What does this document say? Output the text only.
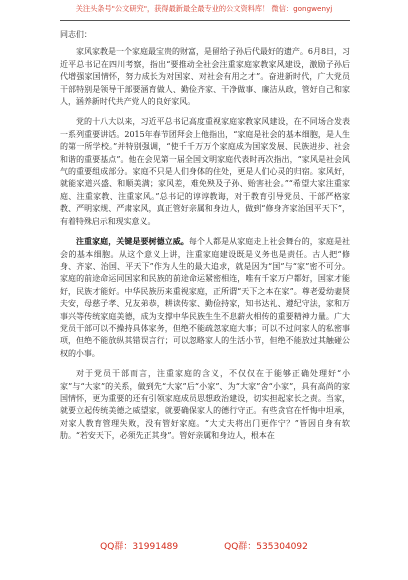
关注头条号"公文研究"，获得最新最全最专业的公文资料库！ 微信：gongwenyj

同志们：

家风家教是一个家庭最宝贵的财富，是留给子孙后代最好的遗产。6月8日，习近平总书记在四川考察，指出“要推动全社会注重家庭家教家风建设，激励子孙后代增强家国情怀，努力成长为对国家、对社会有用之才”。奋进新时代，广大党员干部特别是领导干部要涵育做人、勤俭齐家、干净做事、廉洁从政，管好自己和家人，涵养新时代共产党人的良好家风。

党的十八大以来，习近平总书记高度重视家庭家教家风建设，在不同场合发表一系列重要讲话。2015年春节团拜会上他指出，“家庭是社会的基本细胞，是人生的第一所学校。”并特别强调，“使千千万万个家庭成为国家发展、民族进步、社会和谐的重要基点”。他在会见第一届全国文明家庭代表时再次指出，“家风是社会风气的重要组成部分。家庭不只是人们身体的住处，更是人们心灵的归宿。家风好，就能家道兴盛、和顺美满；家风差，难免殃及子孙、贻害社会。”“希望大家注重家庭、注重家教、注重家风。”总书记的谆谆教诲，对于教育引导党员、干部严格家教、严明家规、严肃家风，真正管好亲属和身边人，做到“修身齐家治国平天下”，有着特殊启示和现实意义。

注重家庭，关键是要树德立威。每个人都是从家庭走上社会舞台的，家庭是社会的基本细胞。从这个意义上讲，注重家庭建设既是义务也是责任。古人把“修身、齐家、治国、平天下”作为人生的最大追求，就是因为“国”与“家”密不可分。家庭的前途命运同国家和民族的前途命运紧密相连，唯有千家万户都好，国家才能好，民族才能好。中华民族历来重视家庭，正所谓“天下之本在家”。尊老爱幼妻贤夫安，母慈子孝、兄友弟恭，耕读传家、勤俭持家，知书达礼、遵纪守法，家和万事兴等传统家庭美德，成为支撑中华民族生生不息薪火相传的重要精神力量。广大党员干部可以不操持具体家务，但绝不能疏忽家庭大事；可以不过问家人的私密事项，但绝不能放纵其错误言行；可以忽略家人的生活小节，但绝不能放过其触碰公权的小事。

对于党员干部而言，注重家庭的含义，不仅仅在于能够正确处理好“小家”与“大家”的关系，做到先“大家”后“小家”、为“大家”舍“小家”，具有高尚的家国情怀，更为重要的还有引领家庭成员思想政治建设，切实担起家长之责。当家，就要立起传统美德之威望家，就要确保家人的德行守正。有些贪官在忏悔中坦承，对家人教育管理失败，没有管好家庭。“大丈夫将出门更作宁？”皆因自身有软肋。“若安天下，必须先正其身”。管好亲属和身边人，根本在

QQ群：31991489	QQ群：535304092
